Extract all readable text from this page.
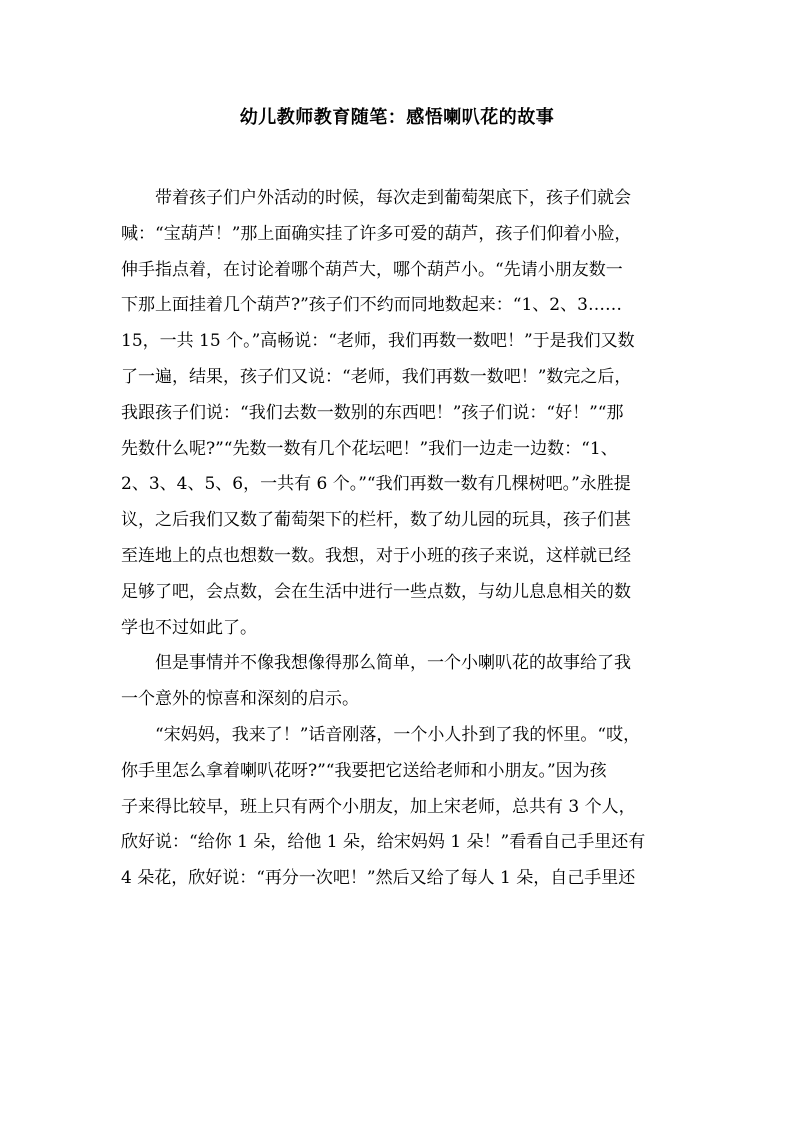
幼儿教师教育随笔：感悟喇叭花的故事

带着孩子们户外活动的时候，每次走到葡萄架底下，孩子们就会
喊：“宝葫芦！”那上面确实挂了许多可爱的葫芦，孩子们仰着小脸，
伸手指点着，在讨论着哪个葫芦大，哪个葫芦小。“先请小朋友数一
下那上面挂着几个葫芦?”孩子们不约而同地数起来：“1、2、3……
15，一共 15 个。”高畅说：“老师，我们再数一数吧！”于是我们又数
了一遍，结果，孩子们又说：“老师，我们再数一数吧！”数完之后，
我跟孩子们说：“我们去数一数别的东西吧！”孩子们说：“好！”“那
先数什么呢?”“先数一数有几个花坛吧！”我们一边走一边数：“1、
2、3、4、5、6，一共有 6 个。”“我们再数一数有几棵树吧。”永胜提
议，之后我们又数了葡萄架下的栏杆，数了幼儿园的玩具，孩子们甚
至连地上的点也想数一数。我想，对于小班的孩子来说，这样就已经
足够了吧，会点数，会在生活中进行一些点数，与幼儿息息相关的数
学也不过如此了。

但是事情并不像我想像得那么简单，一个小喇叭花的故事给了我
一个意外的惊喜和深刻的启示。

“宋妈妈，我来了！”话音刚落，一个小人扑到了我的怀里。“哎，
你手里怎么拿着喇叭花呀?”“我要把它送给老师和小朋友。”因为孩
子来得比较早，班上只有两个小朋友，加上宋老师，总共有 3 个人，
欣好说：“给你 1 朵，给他 1 朵，给宋妈妈 1 朵！”看看自己手里还有
4 朵花，欣好说：“再分一次吧！”然后又给了每人 1 朵，自己手里还
